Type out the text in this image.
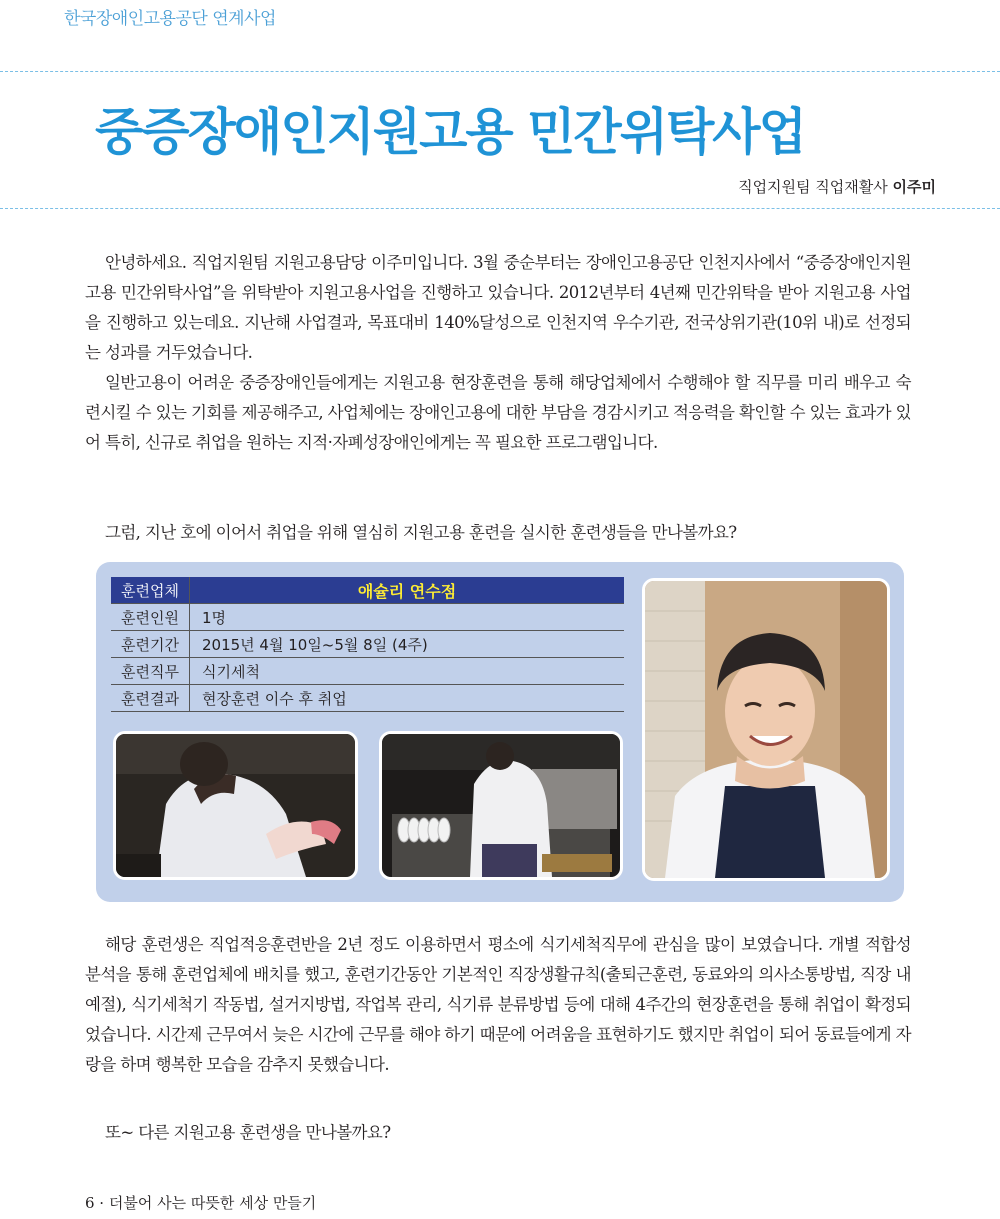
한국장애인고용공단 연계사업
중증장애인지원고용 민간위탁사업
직업지원팀 직업재활사 이주미

안녕하세요. 직업지원팀 지원고용담당 이주미입니다. 3월 중순부터는 장애인고용공단 인천지사에서 “중증장애인지원고용 민간위탁사업”을 위탁받아 지원고용사업을 진행하고 있습니다. 2012년부터 4년째 민간위탁을 받아 지원고용 사업을 진행하고 있는데요. 지난해 사업결과, 목표대비 140%달성으로 인천지역 우수기관, 전국상위기관(10위 내)로 선정되는 성과를 거두었습니다.

일반고용이 어려운 중증장애인들에게는 지원고용 현장훈련을 통해 해당업체에서 수행해야 할 직무를 미리 배우고 숙련시킬 수 있는 기회를 제공해주고, 사업체에는 장애인고용에 대한 부담을 경감시키고 적응력을 확인할 수 있는 효과가 있어 특히, 신규로 취업을 원하는 지적·자폐성장애인에게는 꼭 필요한 프로그램입니다.

그럼, 지난 호에 이어서 취업을 위해 열심히 지원고용 훈련을 실시한 훈련생들을 만나볼까요?

훈련업체	애슐리 연수점
훈련인원	1명
훈련기간	2015년 4월 10일~5월 8일 (4주)
훈련직무	식기세척
훈련결과	현장훈련 이수 후 취업

해당 훈련생은 직업적응훈련반을 2년 정도 이용하면서 평소에 식기세척직무에 관심을 많이 보였습니다. 개별 적합성 분석을 통해 훈련업체에 배치를 했고, 훈련기간동안 기본적인 직장생활규칙(출퇴근훈련, 동료와의 의사소통방법, 직장 내 예절), 식기세척기 작동법, 설거지방법, 작업복 관리, 식기류 분류방법 등에 대해 4주간의 현장훈련을 통해 취업이 확정되었습니다. 시간제 근무여서 늦은 시간에 근무를 해야 하기 때문에 어려움을 표현하기도 했지만 취업이 되어 동료들에게 자랑을 하며 행복한 모습을 감추지 못했습니다.

또~ 다른 지원고용 훈련생을 만나볼까요?

6 · 더불어 사는 따뜻한 세상 만들기
